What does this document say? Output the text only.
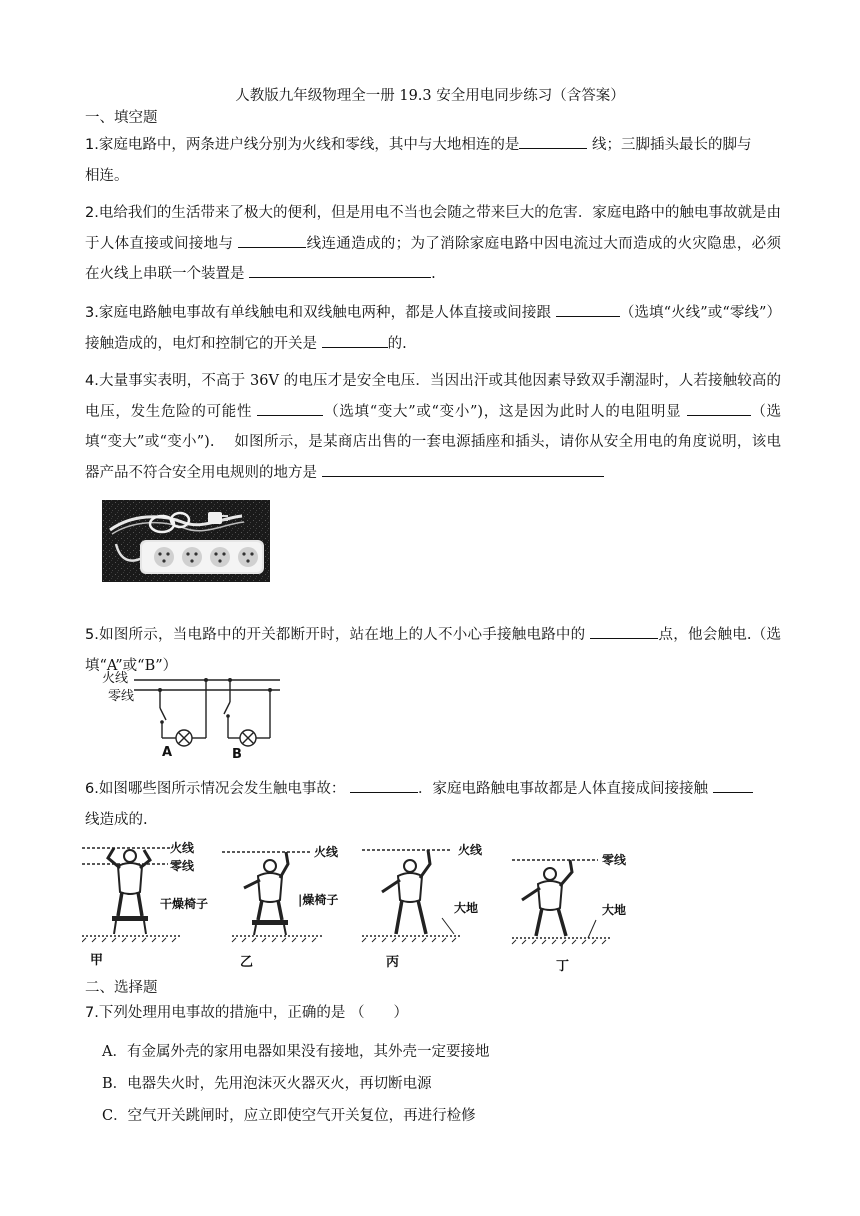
人教版九年级物理全一册 19.3 安全用电同步练习（含答案）
一、填空题
1.家庭电路中，两条进户线分别为火线和零线，其中与大地相连的是	线；三脚插头最长的脚与
相连。
2.电给我们的生活带来了极大的便利，但是用电不当也会随之带来巨大的危害．家庭电路中的触电事故就是由于人体直接或间接地与	线连通造成的；为了消除家庭电路中因电流过大而造成的火灾隐患，必须在火线上串联一个装置是	.
3.家庭电路触电事故有单线触电和双线触电两种，都是人体直接或间接跟	（选填“火线”或“零线”）接触造成的，电灯和控制它的开关是	的.
4.大量事实表明，不高于 36V 的电压才是安全电压．当因出汗或其他因素导致双手潮湿时，人若接触较高的电压，发生危险的可能性	（选填“变大”或“变小”)，这是因为此时人的电阻明显	（选填“变大”或“变小”).　 如图所示，是某商店出售的一套电源插座和插头，请你从安全用电的角度说明，该电器产品不符合安全用电规则的地方是
5.如图所示，当电路中的开关都断开时，站在地上的人不小心手接触电路中的	点，他会触电.（选填“A”或“B”）
火线
零线
A	B
6.如图哪些图所示情况会发生触电事故：	．家庭电路触电事故都是人体直接成间接接触
线造成的.
火线
零线
干燥椅子
火线
|燥椅子
火线
大地
零线
大地
甲	乙	丙	丁
二、选择题
7.下列处理用电事故的措施中，正确的是 （　　）
A．有金属外壳的家用电器如果没有接地，其外壳一定要接地
B．电器失火时，先用泡沫灭火器灭火，再切断电源
C．空气开关跳闸时，应立即使空气开关复位，再进行检修
